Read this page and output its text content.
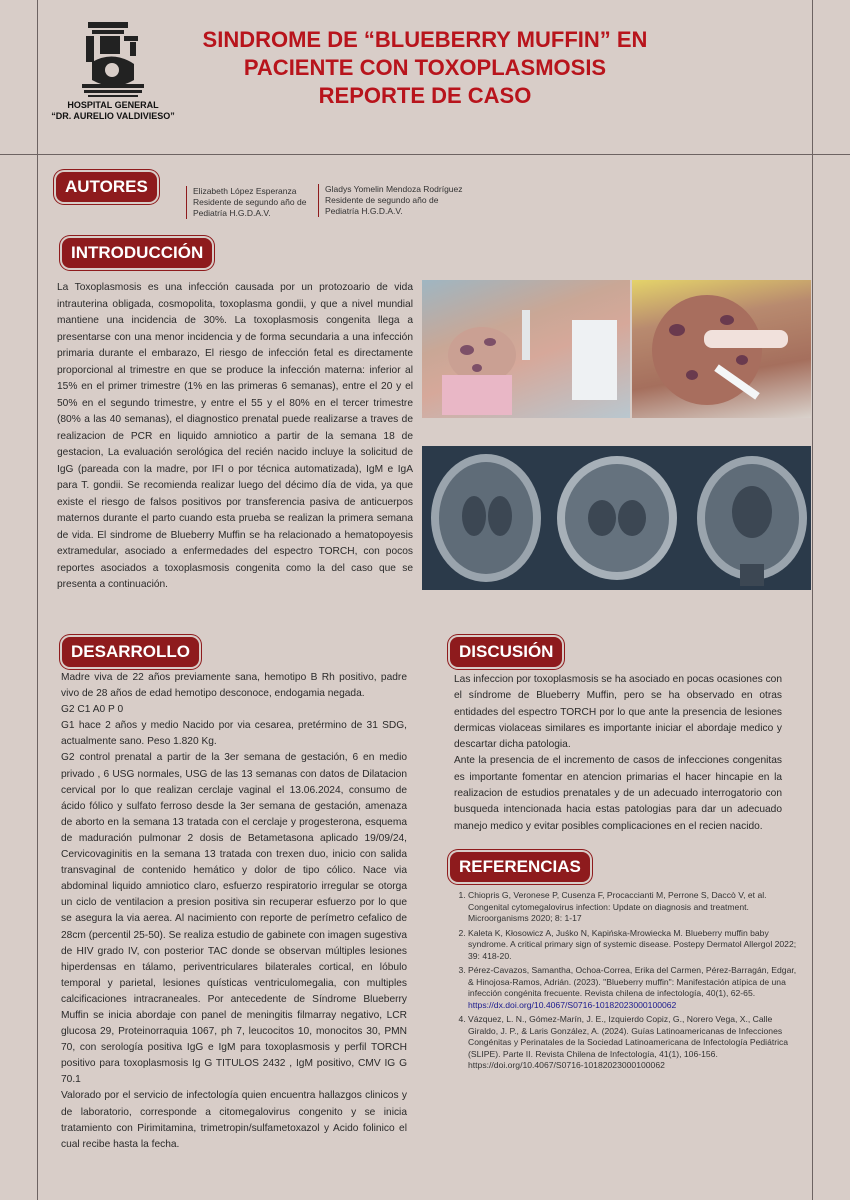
HOSPITAL GENERAL
“DR. AURELIO VALDIVIESO”
SINDROME DE “BLUEBERRY MUFFIN” EN
PACIENTE CON TOXOPLASMOSIS
REPORTE DE CASO
AUTORES	Elizabeth López Esperanza
Residente de segundo año de
Pediatría H.G.D.A.V.
Gladys Yomelin Mendoza Rodríguez
Residente de segundo año de
Pediatría H.G.D.A.V.
INTRODUCCIÓN
La Toxoplasmosis es una infección causada por un protozoario de vida intrauterina obligada, cosmopolita, toxoplasma gondii, y que a nivel mundial mantiene una incidencia de 30%. La toxoplasmosis congenita llega a presentarse con una menor incidencia y de forma secundaria a una infección primaria durante el embarazo, El riesgo de infección fetal es directamente proporcional al trimestre en que se produce la infección materna: inferior al 15% en el primer trimestre (1% en las primeras 6 semanas), entre el 20 y el 50% en el segundo trimestre, y entre el 55 y el 80% en el tercer trimestre (80% a las 40 semanas), el diagnostico prenatal puede realizarse a traves de realizacion de PCR en liquido amniotico a partir de la semana 18 de gestacion, La evaluación serológica del recién nacido incluye la solicitud de IgG (pareada con la madre, por IFI o por técnica automatizada), IgM e IgA para T. gondii. Se recomienda realizar luego del décimo día de vida, ya que existe el riesgo de falsos positivos por transferencia pasiva de anticuerpos maternos durante el parto cuando esta prueba se realizan la primera semana de vida. El sindrome de Blueberry Muffin se ha relacionado a hematopoyesis extramedular, asociado a enfermedades del espectro TORCH, con pocos reportes asociados a toxoplasmosis congenita como la del caso que se presenta a continuación.
DESARROLLO

Madre viva de 22 años previamente sana, hemotipo B Rh positivo, padre vivo de 28 años de edad hemotipo desconoce, endogamia negada.

G2 C1 A0 P 0

G1 hace 2 años y medio Nacido por via cesarea, pretérmino de 31 SDG, actualmente sano. Peso 1.820 Kg.

G2 control prenatal a partir de la 3er semana de gestación, 6 en medio privado , 6 USG normales, USG de las 13 semanas con datos de Dilatacion cervical por lo que realizan cerclaje vaginal el 13.06.2024, consumo de ácido fólico y sulfato ferroso desde la 3er semana de gestación, amenaza de aborto en la semana 13 tratada con el cerclaje y progesterona, esquema de maduración pulmonar 2 dosis de Betametasona aplicado 19/09/24, Cervicovaginitis en la semana 13 tratada con trexen duo, inicio con salida transvaginal de contenido hemático y dolor de tipo cólico. Nace via abdominal liquido amniotico claro, esfuerzo respiratorio irregular se otorga un ciclo de ventilacion a presion positiva sin recuperar esfuerzo por lo que se asegura la via aerea. Al nacimiento con reporte de perímetro cefalico de 28cm (percentil 25-50). Se realiza estudio de gabinete con imagen sugestiva de HIV grado IV, con posterior TAC donde se observan múltiples lesiones hiperdensas en tálamo, periventriculares bilaterales cortical, en lóbulo temporal y parietal, lesiones quísticas ventriculomegalia, con multiples calcificaciones intracraneales. Por antecedente de Síndrome Blueberry Muffin se inicia abordaje con panel de meningitis filmarray negativo, LCR glucosa 29, Proteinorraquia 1067, ph 7, leucocitos 10, monocitos 30, PMN 70, con serología positiva IgG e IgM para toxoplasmosis y perfil TORCH positivo para toxoplasmosis Ig G TITULOS 2432 , IgM positivo, CMV IG G 70.1

Valorado por el servicio de infectología quien encuentra hallazgos clinicos y de laboratorio, corresponde a citomegalovirus congenito y se inicia tratamiento con Pirimitamina, trimetropin/sulfametoxazol y Acido folinico el cual recibe hasta la fecha.

DISCUSIÓN

Las infeccion por toxoplasmosis se ha asociado en pocas ocasiones con el síndrome de Blueberry Muffin, pero se ha observado en otras entidades del espectro TORCH por lo que ante la presencia de lesiones dermicas violaceas similares es importante iniciar el abordaje medico y descartar dicha patologia.

Ante la presencia de el incremento de casos de infecciones congenitas es importante fomentar en atencion primarias el hacer hincapie en la realizacion de estudios prenatales y de un adecuado interrogatorio con busqueda intencionada hacia estas patologias para dar un adecuado manejo medico y evitar posibles complicaciones en el recien nacido.

REFERENCIAS
1. Chiopris G, Veronese P, Cusenza F, Procaccianti M, Perrone S, Daccò V, et al. Congenital cytomegalovirus infection: Update on diagnosis and treatment. Microorganisms 2020; 8: 1-17
2. Kaleta K, Kłosowicz A, Juśko N, Kapińska-Mrowiecka M. Blueberry muffin baby syndrome. A critical primary sign of systemic disease. Postepy Dermatol Allergol 2022; 39: 418-20.
3. Pérez-Cavazos, Samantha, Ochoa-Correa, Erika del Carmen, Pérez-Barragán, Edgar, & Hinojosa-Ramos, Adrián. (2023). "Blueberry muffin": Manifestación atípica de una infección congénita frecuente. Revista chilena de infectología, 40(1), 62-65. https://dx.doi.org/10.4067/S0716-10182023000100062
4. Vázquez, L. N., Gómez-Marín, J. E., Izquierdo Copiz, G., Norero Vega, X., Calle Giraldo, J. P., & Laris González, A. (2024). Guías Latinoamericanas de Infecciones Congénitas y Perinatales de la Sociedad Latinoamericana de Infectología Pediátrica (SLIPE). Parte II. Revista Chilena de Infectología, 41(1), 106-156. https://doi.org/10.4067/S0716-10182023000100062
